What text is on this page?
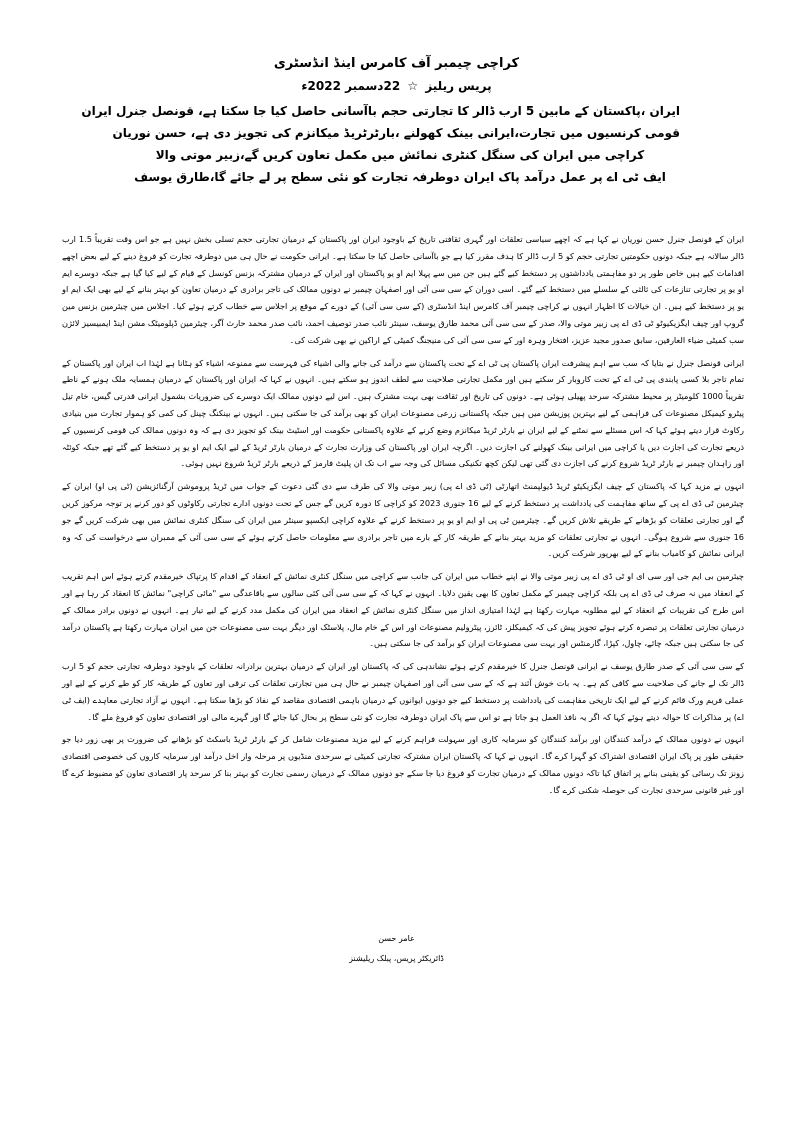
کراچی چیمبر آف کامرس اینڈ انڈسٹری

پریس ریلیز ☆ 22دسمبر 2022ء

ایران ،پاکستان کے مابین 5 ارب ڈالر کا تجارتی حجم باآسانی حاصل کیا جا سکتا ہے، قونصل جنرل ایران

قومی کرنسیوں میں تجارت،ایرانی بینک کھولنے ،بارٹرٹریڈ میکانزم کی تجویز دی ہے، حسن نوریان

کراچی میں ایران کی سنگل کنٹری نمائش میں مکمل تعاون کریں گے،زبیر موتی والا

ایف ٹی اے پر عمل درآمد پاک ایران دوطرفہ تجارت کو نئی سطح پر لے جائے گا،طارق یوسف

ایران کے قونصل جنرل حسن نوریان نے کہا ہے کہ اچھے سیاسی تعلقات اور گہری ثقافتی تاریخ کے باوجود ایران اور پاکستان کے درمیان تجارتی حجم تسلی بخش نہیں ہے جو اس وقت تقریباً 1.5 ارب ڈالر سالانہ ہے جبکہ دونوں حکومتیں تجارتی حجم کو 5 ارب ڈالر کا ہدف مقرر کیا ہے جو باآسانی حاصل کیا جا سکتا ہے۔ ایرانی حکومت نے حال ہی میں دوطرفہ تجارت کو فروغ دینے کے لیے بعض اچھے اقدامات کیے ہیں خاص طور پر دو مفاہمتی یادداشتوں پر دستخط کیے گئے ہیں جن میں سے پہلا ایم او یو پاکستان اور ایران کے درمیان مشترکہ بزنس کونسل کے قیام کے لیے کیا گیا ہے جبکہ دوسرے ایم او یو پر تجارتی تنازعات کی ثالثی کے سلسلے میں دستخط کیے گئے۔ اسی دوران کے سی سی آئی اور اصفہان چیمبر نے دونوں ممالک کی تاجر برادری کے درمیان تعاون کو بہتر بنانے کے لیے بھی ایک ایم او یو پر دستخط کیے ہیں۔ ان خیالات کا اظہار انہوں نے کراچی چیمبر آف کامرس اینڈ انڈسٹری (کے سی سی آئی) کے دورے کے موقع پر اجلاس سے خطاب کرتے ہوئے کیا۔ اجلاس میں چیئرمین بزنس مین گروپ اور چیف ایگزیکیوٹو ٹی ڈی اے پی زبیر موتی والا، صدر کے سی سی آئی محمد طارق یوسف، سینئر نائب صدر توصیف احمد، نائب صدر محمد حارث آگر، چیئرمین ڈپلومیٹک مشن اینڈ ایمبیسیز لائژن سب کمیٹی ضیاء العارفین، سابق صدور مجید عزیز، افتخار وہرہ اور کے سی سی آئی کی منیجنگ کمیٹی کے اراکین نے بھی شرکت کی۔

ایرانی قونصل جنرل نے بتایا کہ سب سے اہم پیشرفت ایران پاکستان پی ٹی اے کے تحت پاکستان سے درآمد کی جانے والی اشیاء کی فہرست سے ممنوعہ اشیاء کو ہٹانا ہے لہٰذا اب ایران اور پاکستان کے تمام تاجر بلا کسی پابندی پی ٹی اے کے تحت کاروبار کر سکتے ہیں اور مکمل تجارتی صلاحیت سے لطف اندوز ہو سکتے ہیں۔ انہوں نے کہا کہ ایران اور پاکستان کے درمیان ہمسایہ ملک ہونے کے ناطے تقریباً 1000 کلومیٹر پر محیط مشترکہ سرحد پھیلی ہوئی ہے۔ دونوں کی تاریخ اور ثقافت بھی بہت مشترک ہیں۔ اس لیے دونوں ممالک ایک دوسرے کی ضروریات بشمول ایرانی قدرتی گیس، خام تیل پیٹرو کیمیکل مصنوعات کی فراہمی کے لیے بہترین پوزیشن میں ہیں جبکہ پاکستانی زرعی مصنوعات ایران کو بھی برآمد کی جا سکتی ہیں۔ انہوں نے بینکنگ چینل کی کمی کو ہموار تجارت میں بنیادی رکاوٹ قرار دیتے ہوئے کہا کہ اس مسئلے سے نمٹنے کے لیے ایران نے بارٹر ٹریڈ میکانزم وضع کرنے کے علاوہ پاکستانی حکومت اور اسٹیٹ بینک کو تجویز دی ہے کہ وہ دونوں ممالک کی قومی کرنسیوں کے ذریعے تجارت کی اجازت دیں یا کراچی میں ایرانی بینک کھولنے کی اجازت دیں۔ اگرچہ ایران اور پاکستان کی وزارت تجارت کے درمیان بارٹر ٹریڈ کے لیے ایک ایم او یو پر دستخط کیے گئے تھے جبکہ کوئٹہ اور زاہدان چیمبر نے بارٹر ٹریڈ شروع کرنے کی اجازت دی گئی تھی لیکن کچھ تکنیکی مسائل کی وجہ سے اب تک ان پلیٹ فارمز کے ذریعے بارٹر ٹریڈ شروع نہیں ہوئی۔

انہوں نے مزید کہا کہ پاکستان کے چیف ایگزیکیٹو ٹریڈ ڈیولپمنٹ اتھارٹی (ٹی ڈی اے پی) زبیر موتی والا کی طرف سے دی گئی دعوت کے جواب میں ٹریڈ پروموشن آرگنائزیشن (ٹی پی او) ایران کے چیئرمین ٹی ڈی اے پی کے ساتھ مفاہمت کی یادداشت پر دستخط کرنے کے لیے 16 جنوری 2023 کو کراچی کا دورہ کریں گے جس کے تحت دونوں ادارے تجارتی رکاوٹوں کو دور کرنے پر توجہ مرکوز کریں گے اور تجارتی تعلقات کو بڑھانے کے طریقے تلاش کریں گے۔ چیئرمین ٹی پی او ایم او یو پر دستخط کرنے کے علاوہ کراچی ایکسپو سینٹر میں ایران کی سنگل کنٹری نمائش میں بھی شرکت کریں گے جو 16 جنوری سے شروع ہوگی۔ انہوں نے تجارتی تعلقات کو مزید بہتر بنانے کے طریقہ کار کے بارے میں تاجر برادری سے معلومات حاصل کرتے ہوئے کے سی سی آئی کے ممبران سے درخواست کی کہ وہ ایرانی نمائش کو کامیاب بنانے کے لیے بھرپور شرکت کریں۔

چیئرمین بی ایم جی اور سی ای او ٹی ڈی اے پی زبیر موتی والا نے اپنے خطاب میں ایران کی جانب سے کراچی میں سنگل کنٹری نمائش کے انعقاد کے اقدام کا پرتپاک خیرمقدم کرتے ہوئے اس اہم تقریب کے انعقاد میں نہ صرف ٹی ڈی اے پی بلکہ کراچی چیمبر کے مکمل تعاون کا بھی یقین دلایا۔ انہوں نے کہا کہ کے سی سی آئی کئی سالوں سے باقاعدگی سے "مائی کراچی" نمائش کا انعقاد کر رہا ہے اور اس طرح کی تقریبات کے انعقاد کے لیے مطلوبہ مہارت رکھتا ہے لہٰذا امتیازی انداز میں سنگل کنٹری نمائش کے انعقاد میں ایران کی مکمل مدد کرنے کے لیے تیار ہے۔ انہوں نے دونوں برادر ممالک کے درمیان تجارتی تعلقات پر تبصرہ کرتے ہوئے تجویز پیش کی کہ کیمیکلز، ٹائرز، پیٹرولیم مصنوعات اور اس کے خام مال، پلاسٹک اور دیگر بہت سی مصنوعات جن میں ایران مہارت رکھتا ہے پاکستان درآمد کی جا سکتی ہیں جبکہ چائے، چاول، کپڑا، گارمنٹس اور بہت سی مصنوعات ایران کو برآمد کی جا سکتی ہیں۔

کے سی سی آئی کے صدر طارق یوسف نے ایرانی قونصل جنرل کا خیرمقدم کرتے ہوئے نشاندہی کی کہ پاکستان اور ایران کے درمیان بہترین برادرانہ تعلقات کے باوجود دوطرفہ تجارتی حجم کو 5 ارب ڈالر تک لے جانے کی صلاحیت سے کافی کم ہے۔ یہ بات خوش آئند ہے کہ کے سی سی آئی اور اصفہان چیمبر نے حال ہی میں تجارتی تعلقات کی ترقی اور تعاون کے طریقہ کار کو طے کرنے کے لیے اور عملی فریم ورک قائم کرنے کے لیے ایک تاریخی مفاہمت کی یادداشت پر دستخط کیے جو دونوں ایوانوں کے درمیان باہمی اقتصادی مقاصد کے نفاذ کو بڑھا سکتا ہے۔ انہوں نے آزاد تجارتی معاہدے (ایف ٹی اے) پر مذاکرات کا حوالہ دیتے ہوئے کہا کہ اگر یہ نافذ العمل ہو جاتا ہے تو اس سے پاک ایران دوطرفہ تجارت کو نئی سطح پر بحال کیا جائے گا اور گہرے مالی اور اقتصادی تعاون کو فروغ ملے گا۔

انہوں نے دونوں ممالک کے درآمد کنندگان اور برآمد کنندگان کو سرمایہ کاری اور سہولت فراہم کرنے کے لیے مزید مصنوعات شامل کر کے بارٹر ٹریڈ باسکٹ کو بڑھانے کی ضرورت پر بھی زور دیا جو حقیقی طور پر پاک ایران اقتصادی اشتراک کو گہرا کرے گا۔ انہوں نے کہا کہ پاکستان ایران مشترکہ تجارتی کمیٹی نے سرحدی منڈیوں پر مرحلہ وار اخل درآمد اور سرمایہ کاروں کی خصوصی اقتصادی زونز تک رسائی کو یقینی بنانے پر اتفاق کیا تاکہ دونوں ممالک کے درمیان تجارت کو فروغ دیا جا سکے جو دونوں ممالک کے درمیان رسمی تجارت کو بہتر بنا کر سرحد پار اقتصادی تعاون کو مضبوط کرے گا اور غیر قانونی سرحدی تجارت کی حوصلہ شکنی کرے گا۔

عامر حسن

ڈائریکٹر پریس، پبلک ریلیشنز
